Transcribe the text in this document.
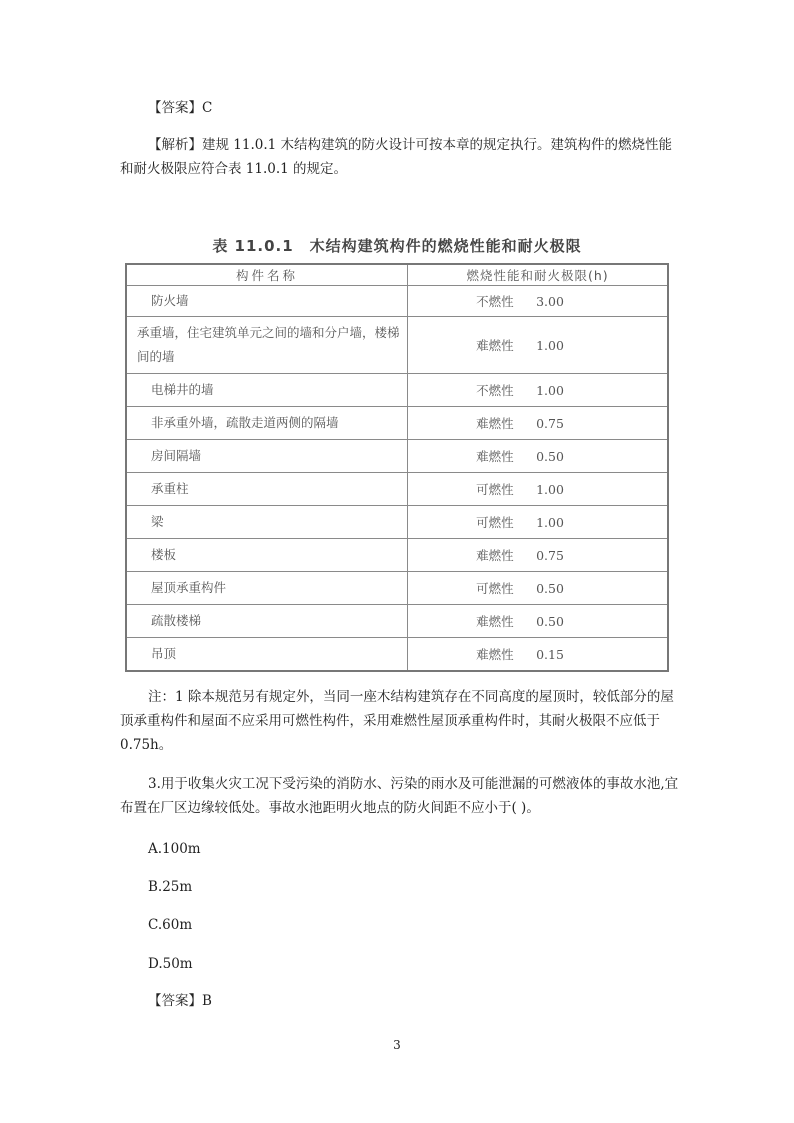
【答案】C
【解析】建规 11.0.1 木结构建筑的防火设计可按本章的规定执行。建筑构件的燃烧性能和耐火极限应符合表 11.0.1 的规定。
表 11.0.1　木结构建筑构件的燃烧性能和耐火极限
构件名称	燃烧性能和耐火极限(h)
防火墙	不燃性 3.00
承重墙，住宅建筑单元之间的墙和分户墙，楼梯间的墙	难燃性 1.00
电梯井的墙	不燃性 1.00
非承重外墙，疏散走道两侧的隔墙	难燃性 0.75
房间隔墙	难燃性 0.50
承重柱	可燃性 1.00
梁	可燃性 1.00
楼板	难燃性 0.75
屋顶承重构件	可燃性 0.50
疏散楼梯	难燃性 0.50
吊顶	难燃性 0.15
注：1 除本规范另有规定外，当同一座木结构建筑存在不同高度的屋顶时，较低部分的屋顶承重构件和屋面不应采用可燃性构件，采用难燃性屋顶承重构件时，其耐火极限不应低于 0.75h。
3.用于收集火灾工况下受污染的消防水、污染的雨水及可能泄漏的可燃液体的事故水池,宜布置在厂区边缘较低处。事故水池距明火地点的防火间距不应小于( )。
A.100m
B.25m
C.60m
D.50m
【答案】B
3
